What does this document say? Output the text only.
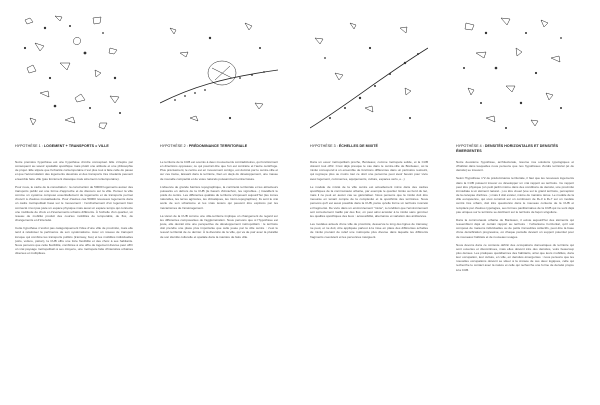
HYPOTHÈSE 1 : LOGEMENT + TRANSPORTS = VILLE

Notre première hypothèse est une hypothèse d'ordre conceptuel. Elle s'inspire par conséquent au savoir spatialité spécifique mais plutôt une attitude et une philosophie de projet. Elle stipule que l'urbanité contemporaine n'est plus tout à faite celle du passé et que l'accumulation des logements dessinés et des transports très nivelants peuvent ensemble faire ville (pas forcément classique mais sûrement contemporaine).

Pour nous, le cadre de la consultation : la construction de 50000 logements autour des transports public est une forme d'approche et de discours sur la ville. Penser la ville comme un système composé essentiellement de logements et de transports permet d'ouvrir à d'autres mutualisations. Pour d'autres cas 50000 nouveaux logements dans un cadre métropolitain basé sur le mouvement : l'enchaînement d'un logement bien connecté n'est pas juste un espace physique mais aussi un espace temps qui connecte une multitude de choix et d'événements urbains différents. À l'échelle d'un quartier, un réseau de mobilité produit des courtes mobilités de temporalité, de flux, de changements et d'intensité.

Cette hypothèse n'exclut pas catégoriquement l'idée d'une ville de proximité, mais elle tend à relativiser la pertinence de son systématisme. Avec un réseau de transport lorsque qui combine les transports publics (tramway, bus) et les mobilités individuelles (vélo, voiture, piéton), la CUB offre une forte flexibilité et des choix à ses habitants. Nous pensons que cette flexibilité, combinée à une offre de logement diverse peut offrir un vrai paysage métropolitain à ses citoyens, une métropole faite d'intensités urbaines diverses et multipliées.

HYPOTHÈSE 2 : PRÉDOMINANCE TERRITORIALE

Le territoire de la CUB est soumis à deux mouvements contradictoires, qui fonctionnent en directions opposées; ce qui pourrait dire que l'un est contraire et l'autre centrifuge. Plus précisément, le centre est en mouvement contigu, est dominé par le centre-ville et sur ces trame, laissant dans le territoire, bien en deçà du développement, une masse de nouvelle compacité et de voies naturels puissamment entrecroisés.

L'absence de grande barrière topographique, la continuité territoriale et les attracteurs puissants en dehors de la CUB (le bassin d'Arcachon, les vignobles...) travaillent le poids du centre. Les différentes qualités du territoire s'imposent aujourd'hui (les zones naturelles, les terres agricoles, les climatiques, les micro-topographies). Ils sont le vrai socle de son urbanisme et les vrais leviers qui peuvent être explorés par les mécanismes de l'aménagement.

La vision de la CUB comme une ville-territoire implique un changement de regard sur les différentes composantes de l'agglomération. Nous pensons que si l'hypothèse est juste, elle devrait être une perspective de développement métropolitain : le territoire doit prendre une place plus importante que celle jouée par la ville centre : c'est le ressort territorial de ce dernier. À la diversité de la ville, qui va de pair avec la pluralité de son identité culturelle et spatiale dans la manière de faire ville.

HYPOTHÈSE 3 : ÉCHELLES DE MIXITÉ

Dans un essor métropolitain proche, Bordeaux, comme métropole solide, et la CUB doivent tout offrir. C'est déjà presque le cas dans le centre-ville de Bordeaux, où la mixité correspond à un ensemble de fonctions différentes dans un périmètre restreint, qui regroupe plus ou moins tout ce dont une personne peut avoir besoin pour vivre avec logement, commerces, équipements, culture, espaces verts, e...)

Le modèle de mixité de la ville centre est actuellement mimé dans des cadres spécifiques de la communauté urbaine, par exemple le quartier Ginko au bord du lac, mais il ne peut en aucun cas se généraliser. Nous pensons que la mixité doit être mesurée en tenant compte de la complexité et la spécificité des territoires. Nous pensons qu'il est aussi possible dans la CUB, parce qu'elle forme un territoire morcelé et fragmenté. De vivre dans un environnement "mixte", à condition que l'environnement soit correctement maillé par des flux, on peut ainsi accéder à la mixité sans gommer les qualités spécifiques des lieux : accessibilité, alternance et variation des ambiances.

Les modèles actuels d'une ville de proximité, desservie le long des lignes de tramway, ne peut, et ne doit, être appliquée partout à la mise en place des différentes échelles de mixité prenant de relief une métropole plus diverse dans laquelle les différents fragments coexistent et les personnes naviguent.

HYPOTHÈSE 4 : DENSITÉS HORIZONTALES ET DENSITÉS ÉMERGENTES

Notre deuxième hypothèse, architecturale, résume nos solutions typologiques et d'habitat dans lesquelles nous pensons que nos hypothèses d'ordre territorial (et de densité) se trouvent.

Selon l'hypothèse n°2 de prédominance territoriale, il faut que les nouveaux logements dans la CUB puissent trouver ou développer un vrai rapport au territoire. Ce rapport peut être physique (un petit jardin même dans des conditions de densité, une proximité immédiate à un élément naturel...) ou être visuel (vue sur le grand territoire, perception de la canopée d'arbres...) mais il doit exister, même de manière ténue. Le modèle de la ville européenne, qui s'est construit sur un continuum de R+3 à R+7 sur un modèle centré très urbain, doit être questionné dans le nouveau contexte de la CUB et remplacé par d'autres typologies, ses formes pavillonnaires de la CUB qui ne sont déjà pas uniques sur le territoire se déclinent sur le territoire de façon singulière.

Dans la communauté urbaine de Bordeaux, il existe aujourd'hui des éléments qui ressemblent déjà un certain rapport au territoire : l'urbanisme horizontal, qu'il soit composé de maisons individuelles ou de petits immeubles collectifs, peut être la base d'une densification progressive, où chaque parcelle devient un support potentiel pour de nouveaux habitats et de nouveaux usages.

Nous devons dans ce contexte définir des occupations domestiques du territoire qui sont ouvertes et discontinues, mais elles doivent être des densités, voire beaucoup plus denses. Les pratiques quotidiennes des habitants, ainsi que leurs mobilités, dans leur occupation, leur culture, en ville, en densités émergentes : nous pensons que les nouvelles occupations doivent se situer à la croisée de ces deux logiques, celle qui recherche le contact avec la nature et celle qui recherche une forme de densité propre à la CUB.
